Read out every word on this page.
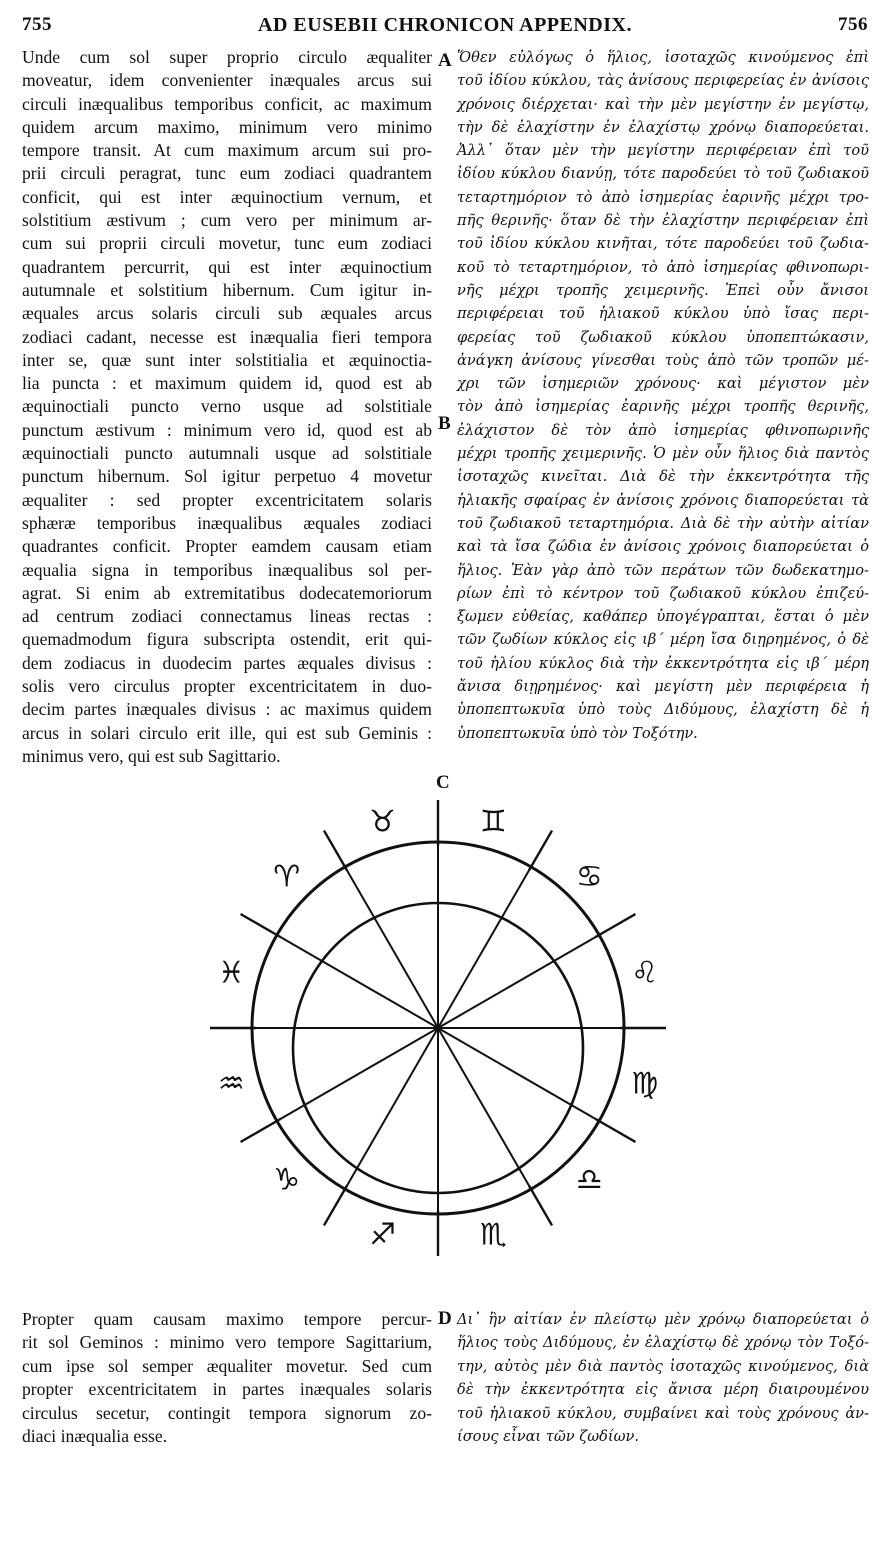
755	AD EUSEBII CHRONICON APPENDIX.	756
A
B
C
D
Unde cum sol super proprio circulo æqualiter
moveatur, idem convenienter inæquales arcus sui
circuli inæqualibus temporibus conficit, ac maximum
quidem arcum maximo, minimum vero minimo
tempore transit. At cum maximum arcum sui pro-
prii circuli peragrat, tunc eum zodiaci quadrantem
conficit, qui est inter æquinoctium vernum, et
solstitium æstivum ; cum vero per minimum ar-
cum sui proprii circuli movetur, tunc eum zodiaci
quadrantem percurrit, qui est inter æquinoctium
autumnale et solstitium hibernum. Cum igitur in-
æquales arcus solaris circuli sub æquales arcus
zodiaci cadant, necesse est inæqualia fieri tempora
inter se, quæ sunt inter solstitialia et æquinoctia-
lia puncta : et maximum quidem id, quod est ab
æquinoctiali puncto verno usque ad solstitiale
punctum æstivum : minimum vero id, quod est ab
æquinoctiali puncto autumnali usque ad solstitiale
punctum hibernum. Sol igitur perpetuo 4 movetur
æqualiter : sed propter excentricitatem solaris
sphæræ temporibus inæqualibus æquales zodiaci
quadrantes conficit. Propter eamdem causam etiam
æqualia signa in temporibus inæqualibus sol per-
agrat. Si enim ab extremitatibus dodecatemoriorum
ad centrum zodiaci connectamus lineas rectas :
quemadmodum figura subscripta ostendit, erit qui-
dem zodiacus in duodecim partes æquales divisus :
solis vero circulus propter excentricitatem in duo-
decim partes inæquales divisus : ac maximus quidem
arcus in solari circulo erit ille, qui est sub Geminis :
minimus vero, qui est sub Sagittario.
Ὅθεν εὐλόγως ὁ ἥλιος, ἰσοταχῶς κινούμενος ἐπὶ
τοῦ ἰδίου κύκλου, τὰς ἀνίσους περιφερείας ἐν ἀνίσοις
χρόνοις διέρχεται· καὶ τὴν μὲν μεγίστην ἐν μεγίστῳ,
τὴν δὲ ἐλαχίστην ἐν ἐλαχίστῳ χρόνῳ διαπορεύεται.
Ἀλλ᾽ ὅταν μὲν τὴν μεγίστην περιφέρειαν ἐπὶ τοῦ
ἰδίου κύκλου διανύῃ, τότε παροδεύει τὸ τοῦ ζωδιακοῦ
τεταρτημόριον τὸ ἀπὸ ἰσημερίας ἐαρινῆς μέχρι τρο-
πῆς θερινῆς· ὅταν δὲ τὴν ἐλαχίστην περιφέρειαν ἐπὶ
τοῦ ἰδίου κύκλου κινῆται, τότε παροδεύει τοῦ ζωδια-
κοῦ τὸ τεταρτημόριον, τὸ ἀπὸ ἰσημερίας φθινοπωρι-
νῆς μέχρι τροπῆς χειμερινῆς. Ἐπεὶ οὖν ἄνισοι
περιφέρειαι τοῦ ἡλιακοῦ κύκλου ὑπὸ ἴσας περι-
φερείας τοῦ ζωδιακοῦ κύκλου ὑποπεπτώκασιν,
ἀνάγκη ἀνίσους γίνεσθαι τοὺς ἀπὸ τῶν τροπῶν μέ-
χρι τῶν ἰσημεριῶν χρόνους· καὶ μέγιστον μὲν
τὸν ἀπὸ ἰσημερίας ἐαρινῆς μέχρι τροπῆς θερινῆς,
ἐλάχιστον δὲ τὸν ἀπὸ ἰσημερίας φθινοπωρινῆς
μέχρι τροπῆς χειμερινῆς. Ὁ μὲν οὖν ἥλιος διὰ παντὸς
ἰσοταχῶς κινεῖται. Διὰ δὲ τὴν ἐκκεντρότητα τῆς
ἡλιακῆς σφαίρας ἐν ἀνίσοις χρόνοις διαπορεύεται τὰ
τοῦ ζωδιακοῦ τεταρτημόρια. Διὰ δὲ τὴν αὐτὴν αἰτίαν
καὶ τὰ ἴσα ζώδια ἐν ἀνίσοις χρόνοις διαπορεύεται ὁ
ἥλιος. Ἐὰν γὰρ ἀπὸ τῶν περάτων τῶν δωδεκατημο-
ρίων ἐπὶ τὸ κέντρον τοῦ ζωδιακοῦ κύκλου ἐπιζεύ-
ξωμεν εὐθείας, καθάπερ ὑπογέγραπται, ἔσται ὁ μὲν
τῶν ζωδίων κύκλος εἰς ιβ΄ μέρη ἴσα διῃρημένος, ὁ δὲ
τοῦ ἡλίου κύκλος διὰ τὴν ἐκκεντρότητα εἰς ιβ΄ μέρη
ἄνισα διῃρημένος· καὶ μεγίστη μὲν περιφέρεια ἡ
ὑποπεπτωκυῖα ὑπὸ τοὺς Διδύμους, ἐλαχίστη δὲ ἡ
ὑποπεπτωκυῖα ὑπὸ τὸν Τοξότην.
♊
♋
♌
♍
♎
♏
♐
♑
♒
♓
♈
♉
Propter quam causam maximo tempore percur-
rit sol Geminos : minimo vero tempore Sagittarium,
cum ipse sol semper æqualiter movetur. Sed cum
propter excentricitatem in partes inæquales solaris
circulus secetur, contingit tempora signorum zo-
diaci inæqualia esse.
Δι᾽ ἣν αἰτίαν ἐν πλείστῳ μὲν χρόνῳ διαπορεύεται ὁ
ἥλιος τοὺς Διδύμους, ἐν ἐλαχίστῳ δὲ χρόνῳ τὸν Τοξό-
την, αὐτὸς μὲν διὰ παντὸς ἰσοταχῶς κινούμενος, διὰ
δὲ τὴν ἐκκεντρότητα εἰς ἄνισα μέρη διαιρουμένου
τοῦ ἡλιακοῦ κύκλου, συμβαίνει καὶ τοὺς χρόνους ἀν-
ίσους εἶναι τῶν ζωδίων.
